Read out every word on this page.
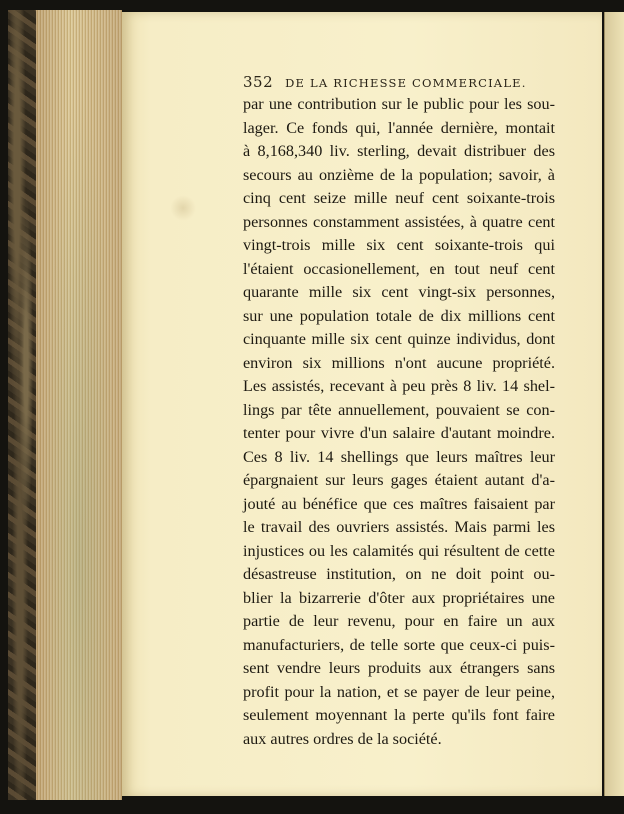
352 DE LA RICHESSE COMMERCIALE.
par une contribution sur le public pour les sou-
lager. Ce fonds qui, l'année dernière, montait
à 8,168,340 liv. sterling, devait distribuer des
secours au onzième de la population; savoir, à
cinq cent seize mille neuf cent soixante-trois
personnes constamment assistées, à quatre cent
vingt-trois mille six cent soixante-trois qui
l'étaient occasionellement, en tout neuf cent
quarante mille six cent vingt-six personnes,
sur une population totale de dix millions cent
cinquante mille six cent quinze individus, dont
environ six millions n'ont aucune propriété.
Les assistés, recevant à peu près 8 liv. 14 shel-
lings par tête annuellement, pouvaient se con-
tenter pour vivre d'un salaire d'autant moindre.
Ces 8 liv. 14 shellings que leurs maîtres leur
épargnaient sur leurs gages étaient autant d'a-
jouté au bénéfice que ces maîtres faisaient par
le travail des ouvriers assistés. Mais parmi les
injustices ou les calamités qui résultent de cette
désastreuse institution, on ne doit point ou-
blier la bizarrerie d'ôter aux propriétaires une
partie de leur revenu, pour en faire un aux
manufacturiers, de telle sorte que ceux-ci puis-
sent vendre leurs produits aux étrangers sans
profit pour la nation, et se payer de leur peine,
seulement moyennant la perte qu'ils font faire
aux autres ordres de la société.
